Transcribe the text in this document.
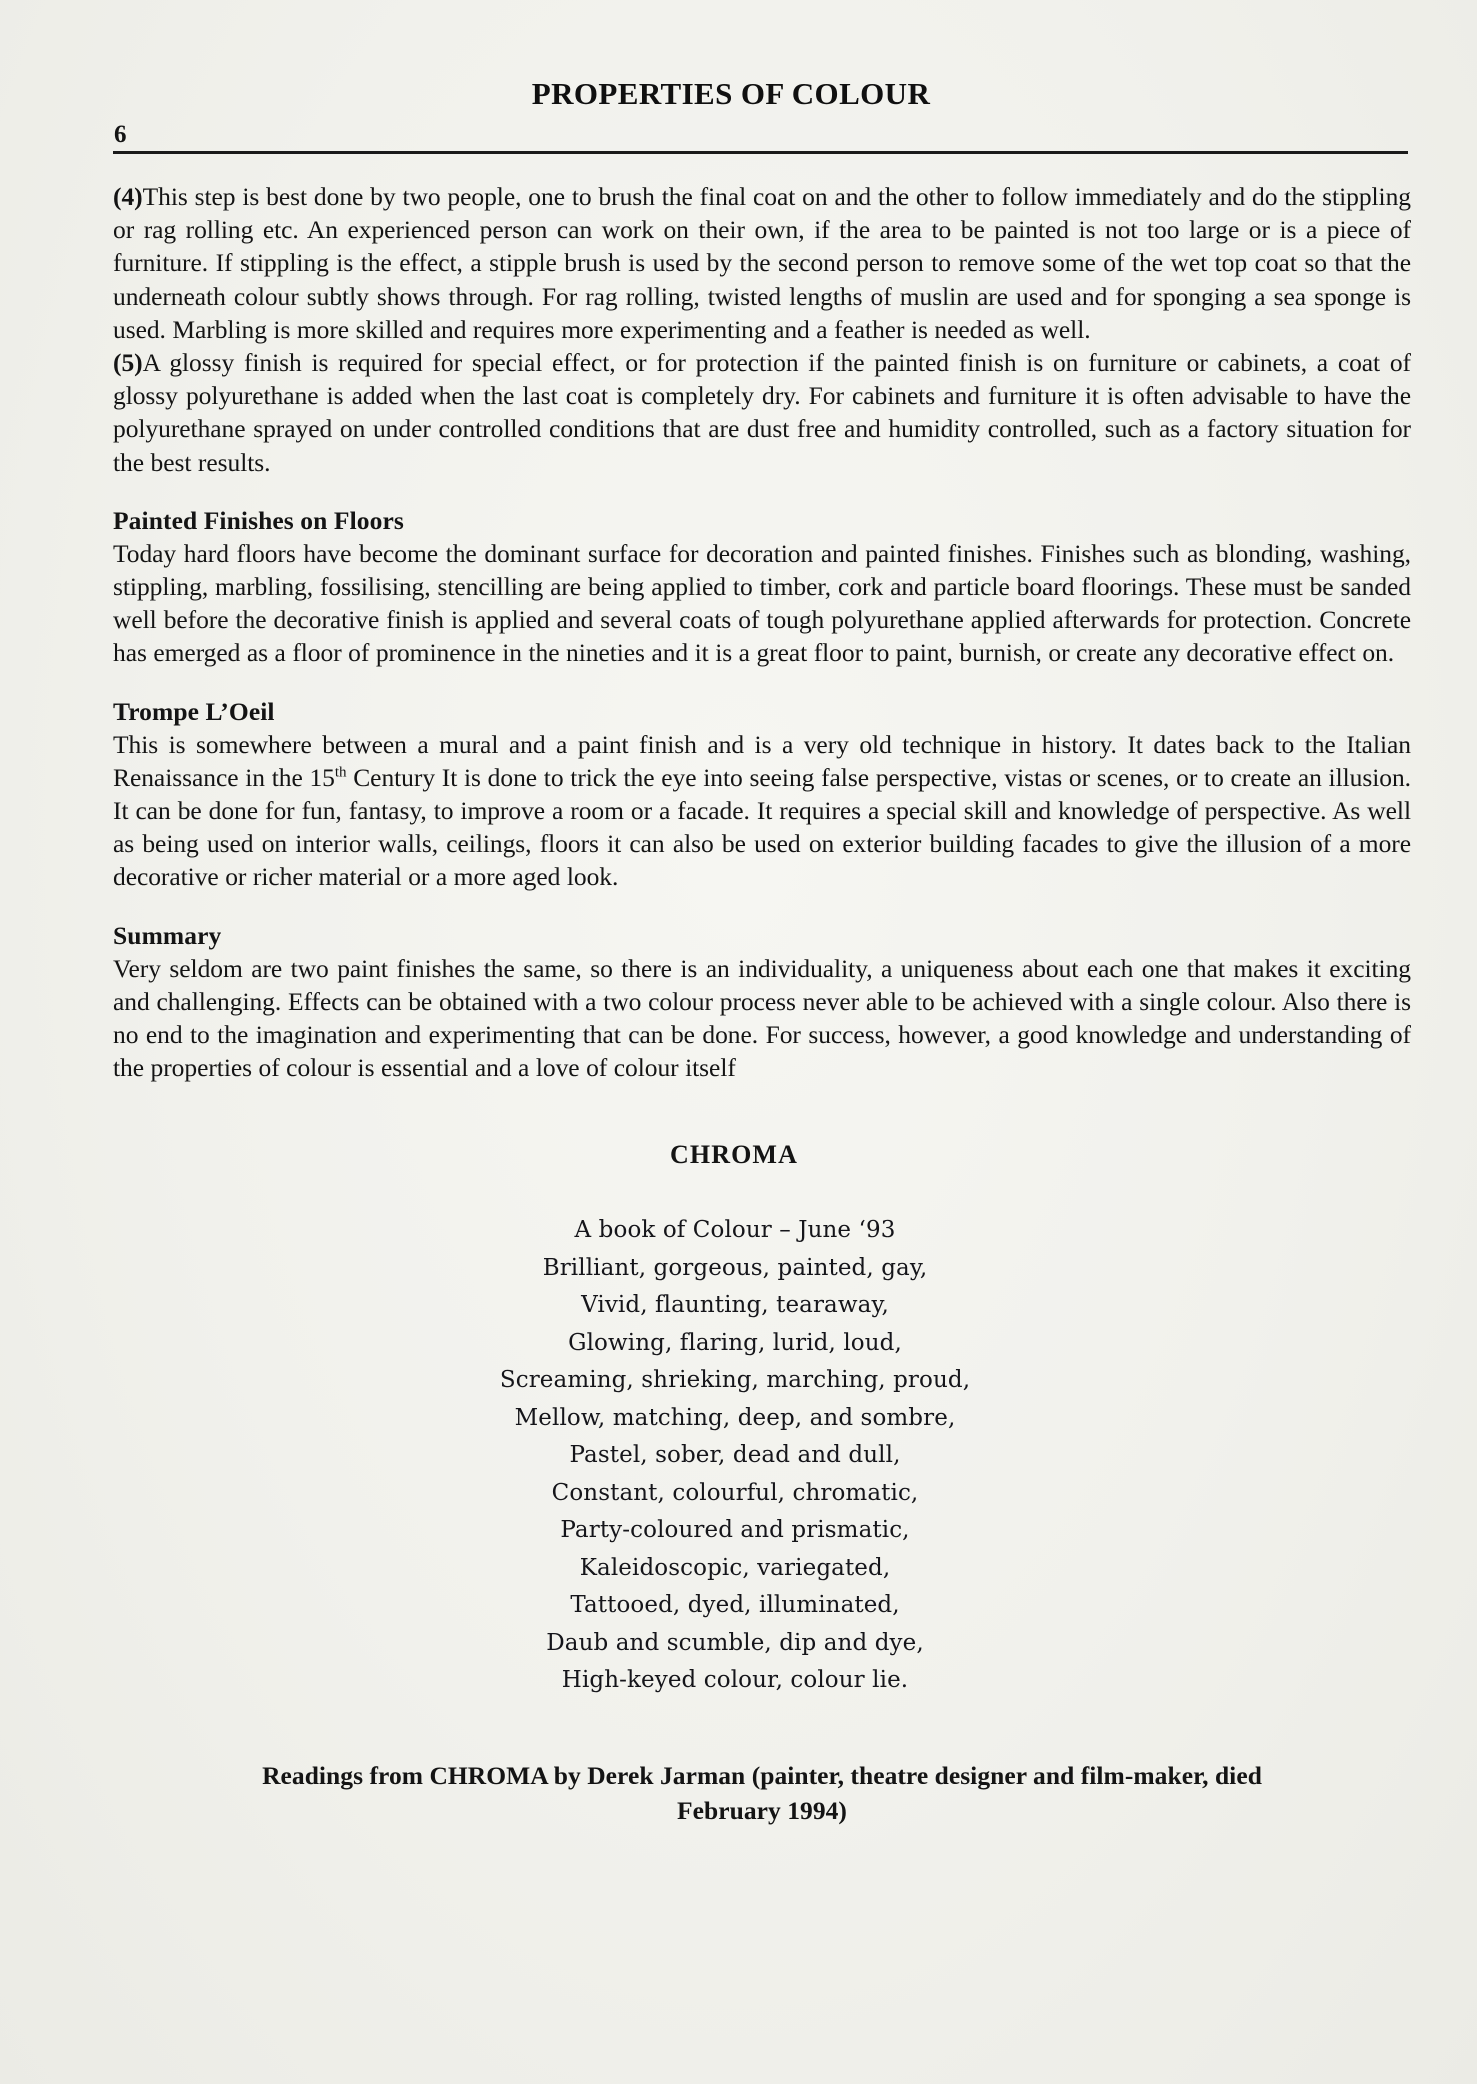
PROPERTIES OF COLOUR
6

(4)This step is best done by two people, one to brush the final coat on and the other to follow immediately and do the stippling or rag rolling etc. An experienced person can work on their own, if the area to be painted is not too large or is a piece of furniture. If stippling is the effect, a stipple brush is used by the second person to remove some of the wet top coat so that the underneath colour subtly shows through. For rag rolling, twisted lengths of muslin are used and for sponging a sea sponge is used. Marbling is more skilled and requires more experimenting and a feather is needed as well.

(5)A glossy finish is required for special effect, or for protection if the painted finish is on furniture or cabinets, a coat of glossy polyurethane is added when the last coat is completely dry. For cabinets and furniture it is often advisable to have the polyurethane sprayed on under controlled conditions that are dust free and humidity controlled, such as a factory situation for the best results.

Painted Finishes on Floors

Today hard floors have become the dominant surface for decoration and painted finishes. Finishes such as blonding, washing, stippling, marbling, fossilising, stencilling are being applied to timber, cork and particle board floorings. These must be sanded well before the decorative finish is applied and several coats of tough polyurethane applied afterwards for protection. Concrete has emerged as a floor of prominence in the nineties and it is a great floor to paint, burnish, or create any decorative effect on.

Trompe L’Oeil

This is somewhere between a mural and a paint finish and is a very old technique in history. It dates back to the Italian Renaissance in the 15th Century It is done to trick the eye into seeing false perspective, vistas or scenes, or to create an illusion. It can be done for fun, fantasy, to improve a room or a facade. It requires a special skill and knowledge of perspective. As well as being used on interior walls, ceilings, floors it can also be used on exterior building facades to give the illusion of a more decorative or richer material or a more aged look.

Summary

Very seldom are two paint finishes the same, so there is an individuality, a uniqueness about each one that makes it exciting and challenging. Effects can be obtained with a two colour process never able to be achieved with a single colour. Also there is no end to the imagination and experimenting that can be done. For success, however, a good knowledge and understanding of the properties of colour is essential and a love of colour itself

CHROMA
A book of Colour – June ‘93
Brilliant, gorgeous, painted, gay,
Vivid, flaunting, tearaway,
Glowing, flaring, lurid, loud,
Screaming, shrieking, marching, proud,
Mellow, matching, deep, and sombre,
Pastel, sober, dead and dull,
Constant, colourful, chromatic,
Party-coloured and prismatic,
Kaleidoscopic, variegated,
Tattooed, dyed, illuminated,
Daub and scumble, dip and dye,
High-keyed colour, colour lie.
Readings from CHROMA by Derek Jarman (painter, theatre designer and film-maker, died
February 1994)
